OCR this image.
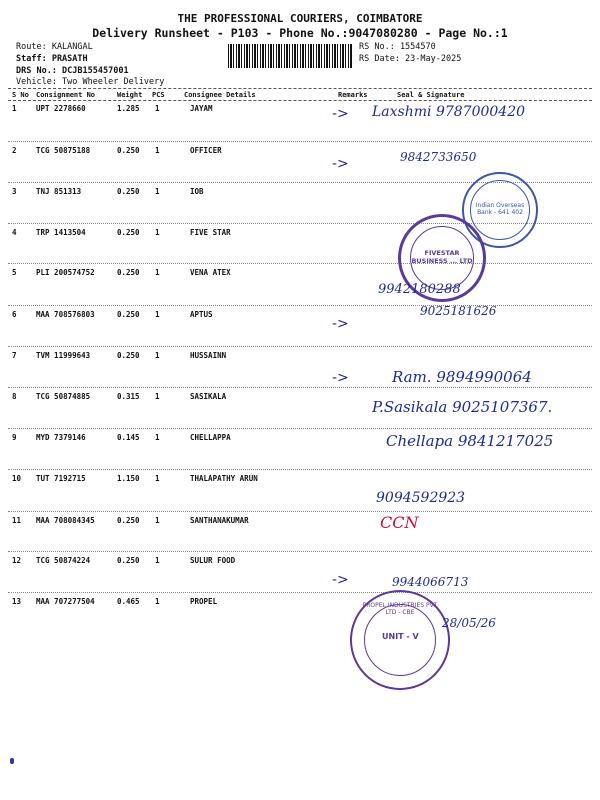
THE PROFESSIONAL COURIERS, COIMBATORE
Delivery Runsheet - P103 - Phone No.:9047080280 - Page No.:1
Route: KALANGAL
Staff: PRASATH
DRS No.: DCJB155457001
Vehicle: Two Wheeler Delivery
RS No.: 1554570
RS Date: 23-May-2025
S No Consignment No	Weight PCS	Consignee Details	Remarks	Seal & Signature
1	UPT 2278660	1.285 1	JAYAM
2	TCG 50875188	0.250 1	OFFICER
3	TNJ 851313	0.250 1	IOB
4	TRP 1413504	0.250 1	FIVE STAR
5	PLI 200574752	0.250 1	VENA ATEX
6	MAA 708576803	0.250 1	APTUS
7	TVM 11999643	0.250 1	HUSSAINN
8	TCG 50874885	0.315 1	SASIKALA
9	MYD 7379146	0.145 1	CHELLAPPA
10 TUT 7192715	1.150 1	THALAPATHY ARUN
11 MAA 708084345	0.250 1	SANTHANAKUMAR
12 TCG 50874224	0.250 1	SULUR FOOD
13 MAA 707277504	0.465 1	PROPEL
Indian Overseas Bank - 641 402
FIVESTAR BUSINESS ... LTD
PROPEL INDUSTRIES PVT LTD - CBE
UNIT - V
->
->
->
->
->
Laxshmi 9787000420
9842733650
9942180288
9025181626
Ram. 9894990064
P.Sasikala 9025107367.
Chellapa 9841217025
9094592923
CCN
9944066713
28/05/26
